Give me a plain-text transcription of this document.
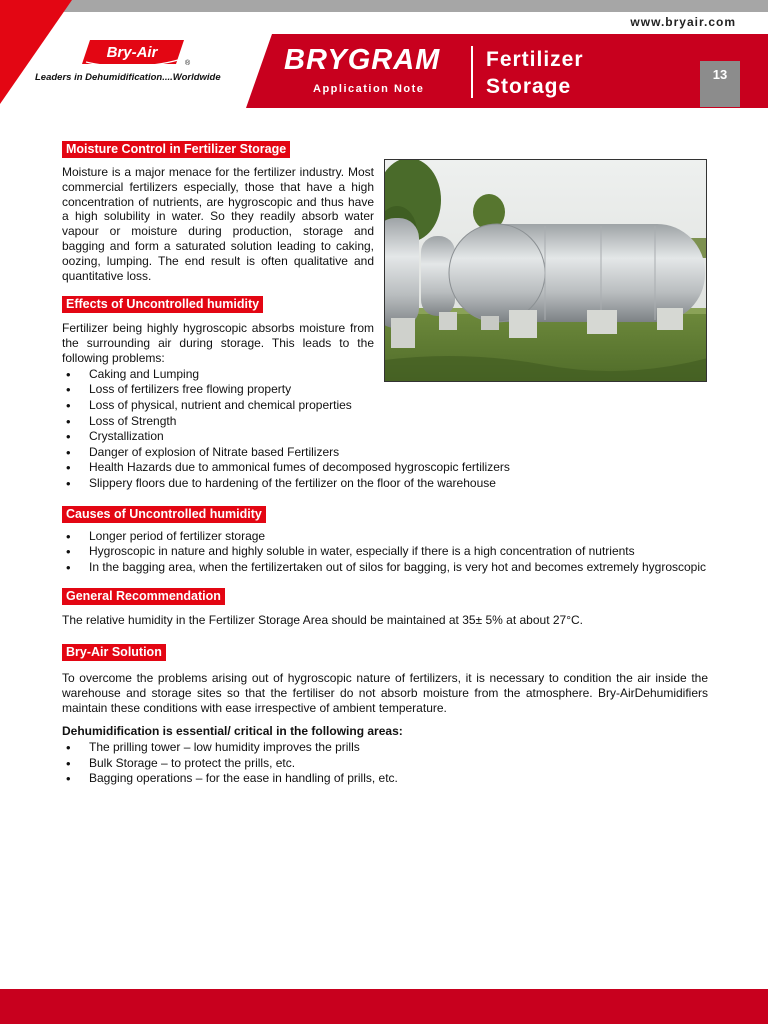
www.bryair.com
BRYGRAM
Application Note
Fertilizer
Storage
13
Bry-Air
®
Leaders in Dehumidification....Worldwide
Moisture Control in Fertilizer Storage

Moisture is a major menace for the fertilizer industry. Most commercial fertilizers especially, those that have a high concentration of nutrients, are hygroscopic and thus have a high solubility in water. So they readily absorb water vapour or moisture during production, storage and bagging and form a saturated solution leading to caking, oozing, lumping. The end result is often qualitative and quantitative loss.

Effects of Uncontrolled humidity

Fertilizer being highly hygroscopic absorbs moisture from the surrounding air during storage. This leads to the following problems:

• Caking and Lumping
• Loss of fertilizers free flowing property
• Loss of physical, nutrient and chemical properties
• Loss of Strength
• Crystallization
• Danger of explosion of Nitrate based Fertilizers
• Health Hazards due to ammonical fumes of decomposed hygroscopic fertilizers
• Slippery floors due to hardening of the fertilizer on the floor of the warehouse
Causes of Uncontrolled humidity
• Longer period of fertilizer storage
• Hygroscopic in nature and highly soluble in water, especially if there is a high concentration of nutrients
• In the bagging area, when the fertilizertaken out of silos for bagging, is very hot and becomes extremely hygroscopic
General Recommendation

The relative humidity in the Fertilizer Storage Area should be maintained at 35± 5% at about 27°C.

Bry-Air Solution

To overcome the problems arising out of hygroscopic nature of fertilizers, it is necessary to condition the air inside the warehouse and storage sites so that the fertiliser do not absorb moisture from the atmosphere. Bry-AirDehumidifiers maintain these conditions with ease irrespective of ambient temperature.

Dehumidification is essential/ critical in the following areas:

• The prilling tower – low humidity improves the prills
• Bulk Storage – to protect the prills, etc.
• Bagging operations – for the ease in handling of prills, etc.
